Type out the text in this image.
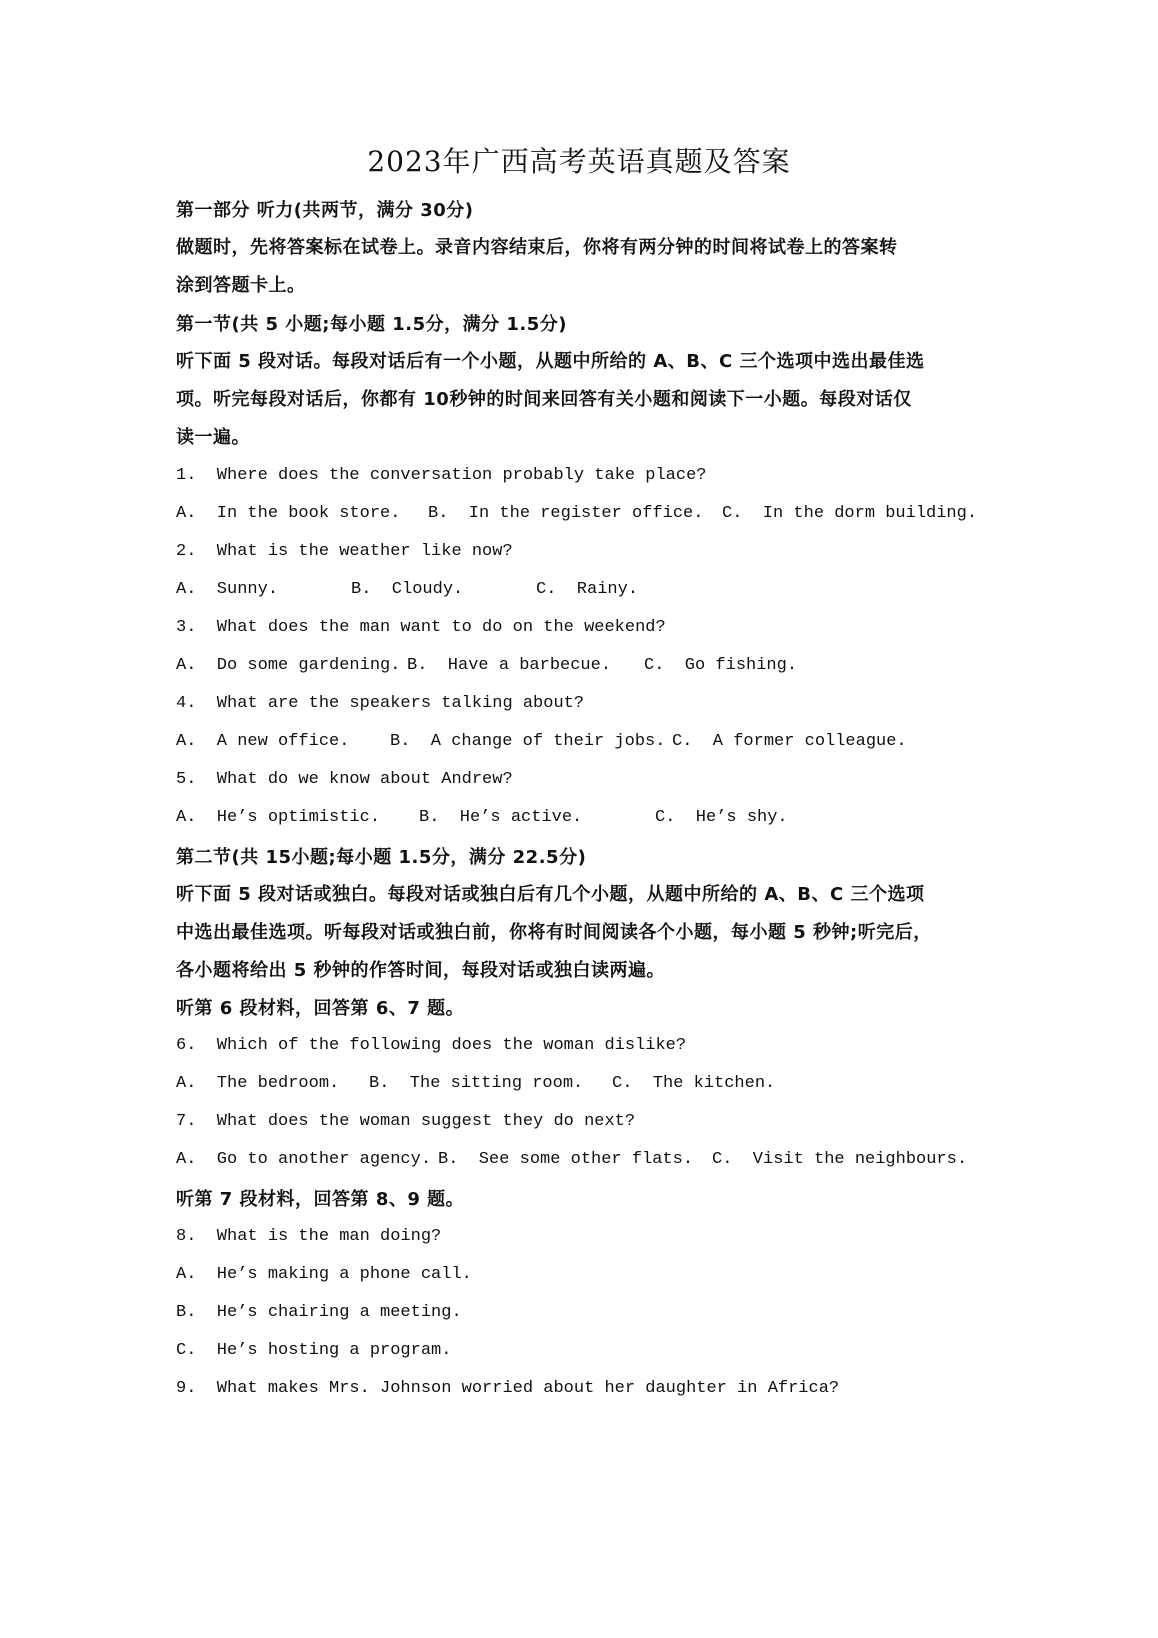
2023年广西高考英语真题及答案
第一部分 听力(共两节，满分 30分)
做题时，先将答案标在试卷上。录音内容结束后，你将有两分钟的时间将试卷上的答案转
涂到答题卡上。
第一节(共 5 小题;每小题 1.5分，满分 1.5分)
听下面 5 段对话。每段对话后有一个小题，从题中所给的 A、B、C 三个选项中选出最佳选
项。听完每段对话后，你都有 10秒钟的时间来回答有关小题和阅读下一小题。每段对话仅
读一遍。
1.  Where does the conversation probably take place?
A.  In the book store. B.  In the register office. C.  In the dorm building.
2.  What is the weather like now?
A.  Sunny.	B.  Cloudy.	C.  Rainy.
3.  What does the man want to do on the weekend?
A.  Do some gardening. B.  Have a barbecue. C.  Go fishing.
4.  What are the speakers talking about?
A.  A new office. B.  A change of their jobs. C.  A former colleague.
5.  What do we know about Andrew?
A.  He’s optimistic. B.  He’s active.	C.  He’s shy.
第二节(共 15小题;每小题 1.5分，满分 22.5分)
听下面 5 段对话或独白。每段对话或独白后有几个小题，从题中所给的 A、B、C 三个选项
中选出最佳选项。听每段对话或独白前，你将有时间阅读各个小题，每小题 5 秒钟;听完后，
各小题将给出 5 秒钟的作答时间，每段对话或独白读两遍。
听第 6 段材料，回答第 6、7 题。
6.  Which of the following does the woman dislike?
A.  The bedroom. B.  The sitting room. C.  The kitchen.
7.  What does the woman suggest they do next?
A.  Go to another agency. B.  See some other flats. C.  Visit the neighbours.
听第 7 段材料，回答第 8、9 题。
8.  What is the man doing?
A.  He’s making a phone call.
B.  He’s chairing a meeting.
C.  He’s hosting a program.
9.  What makes Mrs. Johnson worried about her daughter in Africa?
